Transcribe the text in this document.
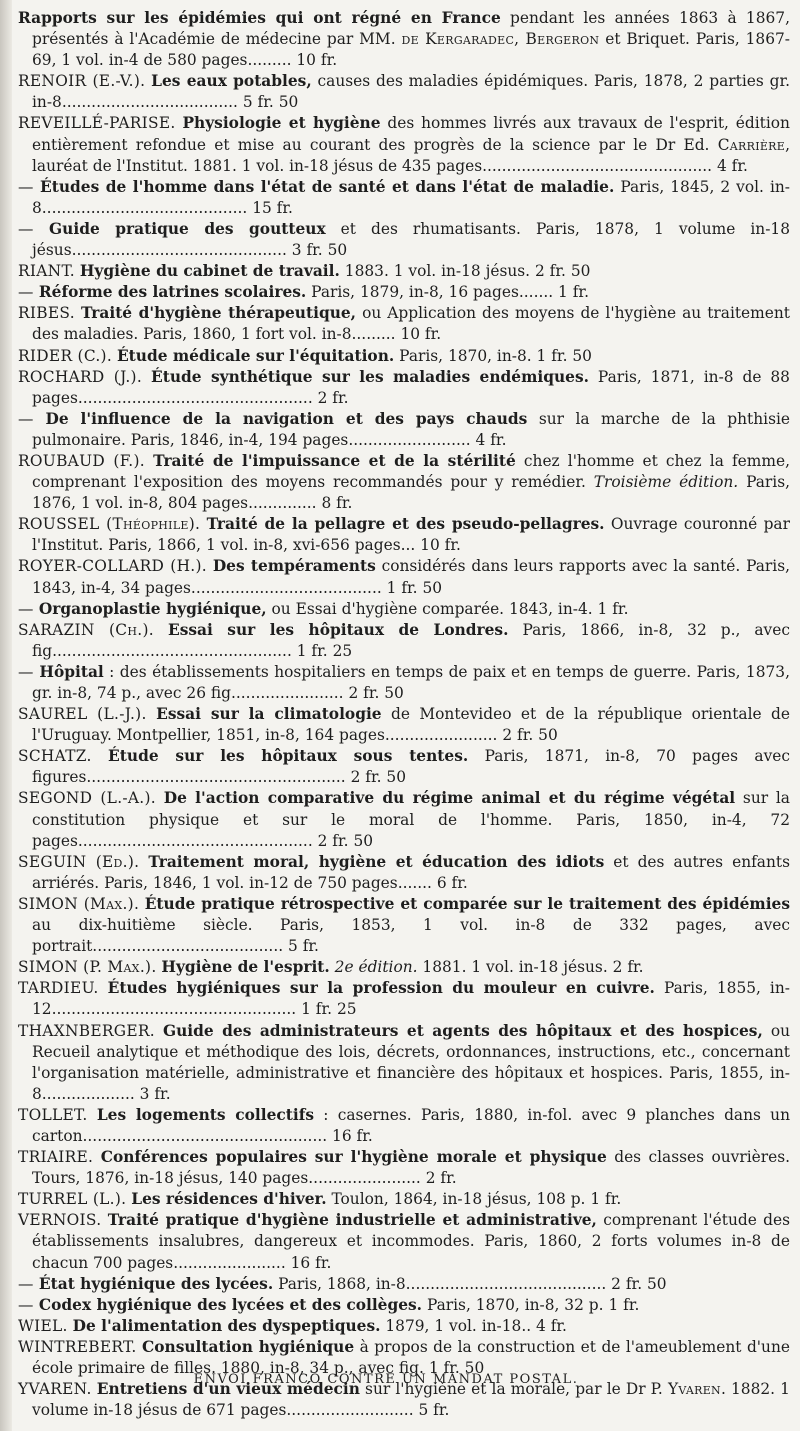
Rapports sur les épidémies qui ont régné en France pendant les années 1863 à 1867, présentés à l'Académie de médecine par MM. de Kergaradec, Bergeron et Briquet. Paris, 1867-69, 1 vol. in-4 de 580 pages......... 10 fr.

RENOIR (E.-V.). Les eaux potables, causes des maladies épidémiques. Paris, 1878, 2 parties gr. in-8.................................... 5 fr. 50

REVEILLÉ-PARISE. Physiologie et hygiène des hommes livrés aux travaux de l'esprit, édition entièrement refondue et mise au courant des progrès de la science par le Dr Ed. Carrière, lauréat de l'Institut. 1881. 1 vol. in-18 jésus de 435 pages............................................... 4 fr.

— Études de l'homme dans l'état de santé et dans l'état de maladie. Paris, 1845, 2 vol. in-8.......................................... 15 fr.

— Guide pratique des goutteux et des rhumatisants. Paris, 1878, 1 volume in-18 jésus............................................ 3 fr. 50

RIANT. Hygiène du cabinet de travail. 1883. 1 vol. in-18 jésus. 2 fr. 50

— Réforme des latrines scolaires. Paris, 1879, in-8, 16 pages....... 1 fr.

RIBES. Traité d'hygiène thérapeutique, ou Application des moyens de l'hygiène au traitement des maladies. Paris, 1860, 1 fort vol. in-8......... 10 fr.

RIDER (C.). Étude médicale sur l'équitation. Paris, 1870, in-8. 1 fr. 50

ROCHARD (J.). Étude synthétique sur les maladies endémiques. Paris, 1871, in-8 de 88 pages................................................ 2 fr.

— De l'influence de la navigation et des pays chauds sur la marche de la phthisie pulmonaire. Paris, 1846, in-4, 194 pages......................... 4 fr.

ROUBAUD (F.). Traité de l'impuissance et de la stérilité chez l'homme et chez la femme, comprenant l'exposition des moyens recommandés pour y remédier. Troisième édition. Paris, 1876, 1 vol. in-8, 804 pages.............. 8 fr.

ROUSSEL (Théophile). Traité de la pellagre et des pseudo-pellagres. Ouvrage couronné par l'Institut. Paris, 1866, 1 vol. in-8, xvi-656 pages... 10 fr.

ROYER-COLLARD (H.). Des tempéraments considérés dans leurs rapports avec la santé. Paris, 1843, in-4, 34 pages....................................... 1 fr. 50

— Organoplastie hygiénique, ou Essai d'hygiène comparée. 1843, in-4. 1 fr.

SARAZIN (Ch.). Essai sur les hôpitaux de Londres. Paris, 1866, in-8, 32 p., avec fig................................................. 1 fr. 25

— Hôpital : des établissements hospitaliers en temps de paix et en temps de guerre. Paris, 1873, gr. in-8, 74 p., avec 26 fig....................... 2 fr. 50

SAUREL (L.-J.). Essai sur la climatologie de Montevideo et de la république orientale de l'Uruguay. Montpellier, 1851, in-8, 164 pages....................... 2 fr. 50

SCHATZ. Étude sur les hôpitaux sous tentes. Paris, 1871, in-8, 70 pages avec figures..................................................... 2 fr. 50

SEGOND (L.-A.). De l'action comparative du régime animal et du régime végétal sur la constitution physique et sur le moral de l'homme. Paris, 1850, in-4, 72 pages................................................ 2 fr. 50

SEGUIN (Ed.). Traitement moral, hygiène et éducation des idiots et des autres enfants arriérés. Paris, 1846, 1 vol. in-12 de 750 pages....... 6 fr.

SIMON (Max.). Étude pratique rétrospective et comparée sur le traitement des épidémies au dix-huitième siècle. Paris, 1853, 1 vol. in-8 de 332 pages, avec portrait....................................... 5 fr.

SIMON (P. Max.). Hygiène de l'esprit. 2e édition. 1881. 1 vol. in-18 jésus. 2 fr.

TARDIEU. Études hygiéniques sur la profession du mouleur en cuivre. Paris, 1855, in-12.................................................. 1 fr. 25

THAXNBERGER. Guide des administrateurs et agents des hôpitaux et des hospices, ou Recueil analytique et méthodique des lois, décrets, ordonnances, instructions, etc., concernant l'organisation matérielle, administrative et financière des hôpitaux et hospices. Paris, 1855, in-8................... 3 fr.

TOLLET. Les logements collectifs : casernes. Paris, 1880, in-fol. avec 9 planches dans un carton.................................................. 16 fr.

TRIAIRE. Conférences populaires sur l'hygiène morale et physique des classes ouvrières. Tours, 1876, in-18 jésus, 140 pages....................... 2 fr.

TURREL (L.). Les résidences d'hiver. Toulon, 1864, in-18 jésus, 108 p. 1 fr.

VERNOIS. Traité pratique d'hygiène industrielle et administrative, comprenant l'étude des établissements insalubres, dangereux et incommodes. Paris, 1860, 2 forts volumes in-8 de chacun 700 pages....................... 16 fr.

— État hygiénique des lycées. Paris, 1868, in-8......................................... 2 fr. 50

— Codex hygiénique des lycées et des collèges. Paris, 1870, in-8, 32 p. 1 fr.

WIEL. De l'alimentation des dyspeptiques. 1879, 1 vol. in-18.. 4 fr.

WINTREBERT. Consultation hygiénique à propos de la construction et de l'ameublement d'une école primaire de filles. 1880, in-8, 34 p., avec fig. 1 fr. 50

YVAREN. Entretiens d'un vieux médecin sur l'hygiène et la morale, par le Dr P. Yvaren. 1882. 1 volume in-18 jésus de 671 pages.......................... 5 fr.

ENVOI FRANCO CONTRE UN MANDAT POSTAL.
